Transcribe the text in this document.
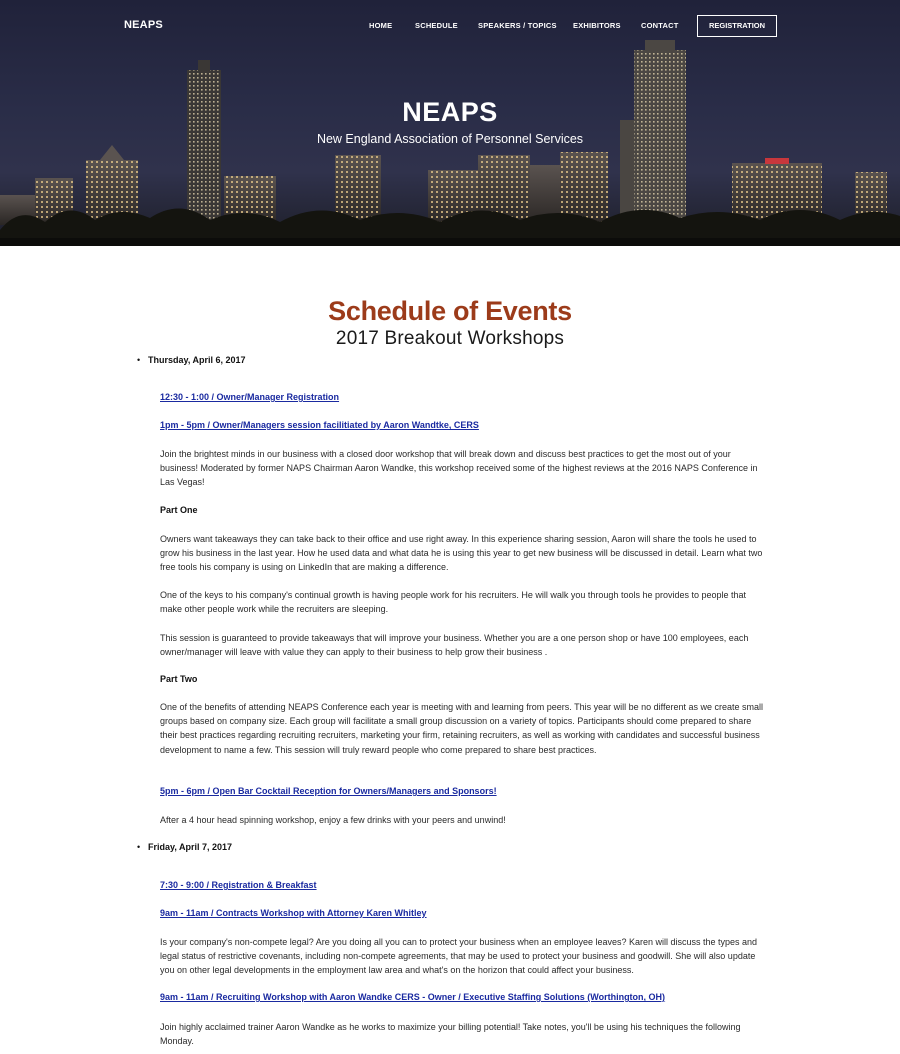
NEAPS	HOME	SCHEDULE	SPEAKERS / TOPICS EXHIBITORS	CONTACT	REGISTRATION
NEAPS
New England Association of Personnel Services
Schedule of Events
2017 Breakout Workshops
• Thursday, April 6, 2017
12:30 - 1:00 / Owner/Manager Registration
1pm - 5pm / Owner/Managers session facilitiated by Aaron Wandtke, CERS
Join the brightest minds in our business with a closed door workshop that will break down and discuss best practices to get the most out of your business! Moderated by former NAPS Chairman Aaron Wandke, this workshop received some of the highest reviews at the 2016 NAPS Conference in Las Vegas!
Part One
Owners want takeaways they can take back to their office and use right away. In this experience sharing session, Aaron will share the tools he used to grow his business in the last year. How he used data and what data he is using this year to get new business will be discussed in detail. Learn what two free tools his company is using on LinkedIn that are making a difference.
One of the keys to his company's continual growth is having people work for his recruiters. He will walk you through tools he provides to people that make other people work while the recruiters are sleeping.
This session is guaranteed to provide takeaways that will improve your business. Whether you are a one person shop or have 100 employees, each owner/manager will leave with value they can apply to their business to help grow their business .
Part Two
One of the benefits of attending NEAPS Conference each year is meeting with and learning from peers. This year will be no different as we create small groups based on company size. Each group will facilitate a small group discussion on a variety of topics. Participants should come prepared to share their best practices regarding recruiting recruiters, marketing your firm, retaining recruiters, as well as working with candidates and successful business development to name a few. This session will truly reward people who come prepared to share best practices.
5pm - 6pm / Open Bar Cocktail Reception for Owners/Managers and Sponsors!
After a 4 hour head spinning workshop, enjoy a few drinks with your peers and unwind!
• Friday, April 7, 2017
7:30 - 9:00 / Registration & Breakfast
9am - 11am / Contracts Workshop with Attorney Karen Whitley
Is your company's non-compete legal? Are you doing all you can to protect your business when an employee leaves? Karen will discuss the types and legal status of restrictive covenants, including non-compete agreements, that may be used to protect your business and goodwill. She will also update you on other legal developments in the employment law area and what's on the horizon that could affect your business.
9am - 11am / Recruiting Workshop with Aaron Wandke CERS - Owner / Executive Staffing Solutions (Worthington, OH)
Join highly acclaimed trainer Aaron Wandke as he works to maximize your billing potential! Take notes, you'll be using his techniques the following Monday.
